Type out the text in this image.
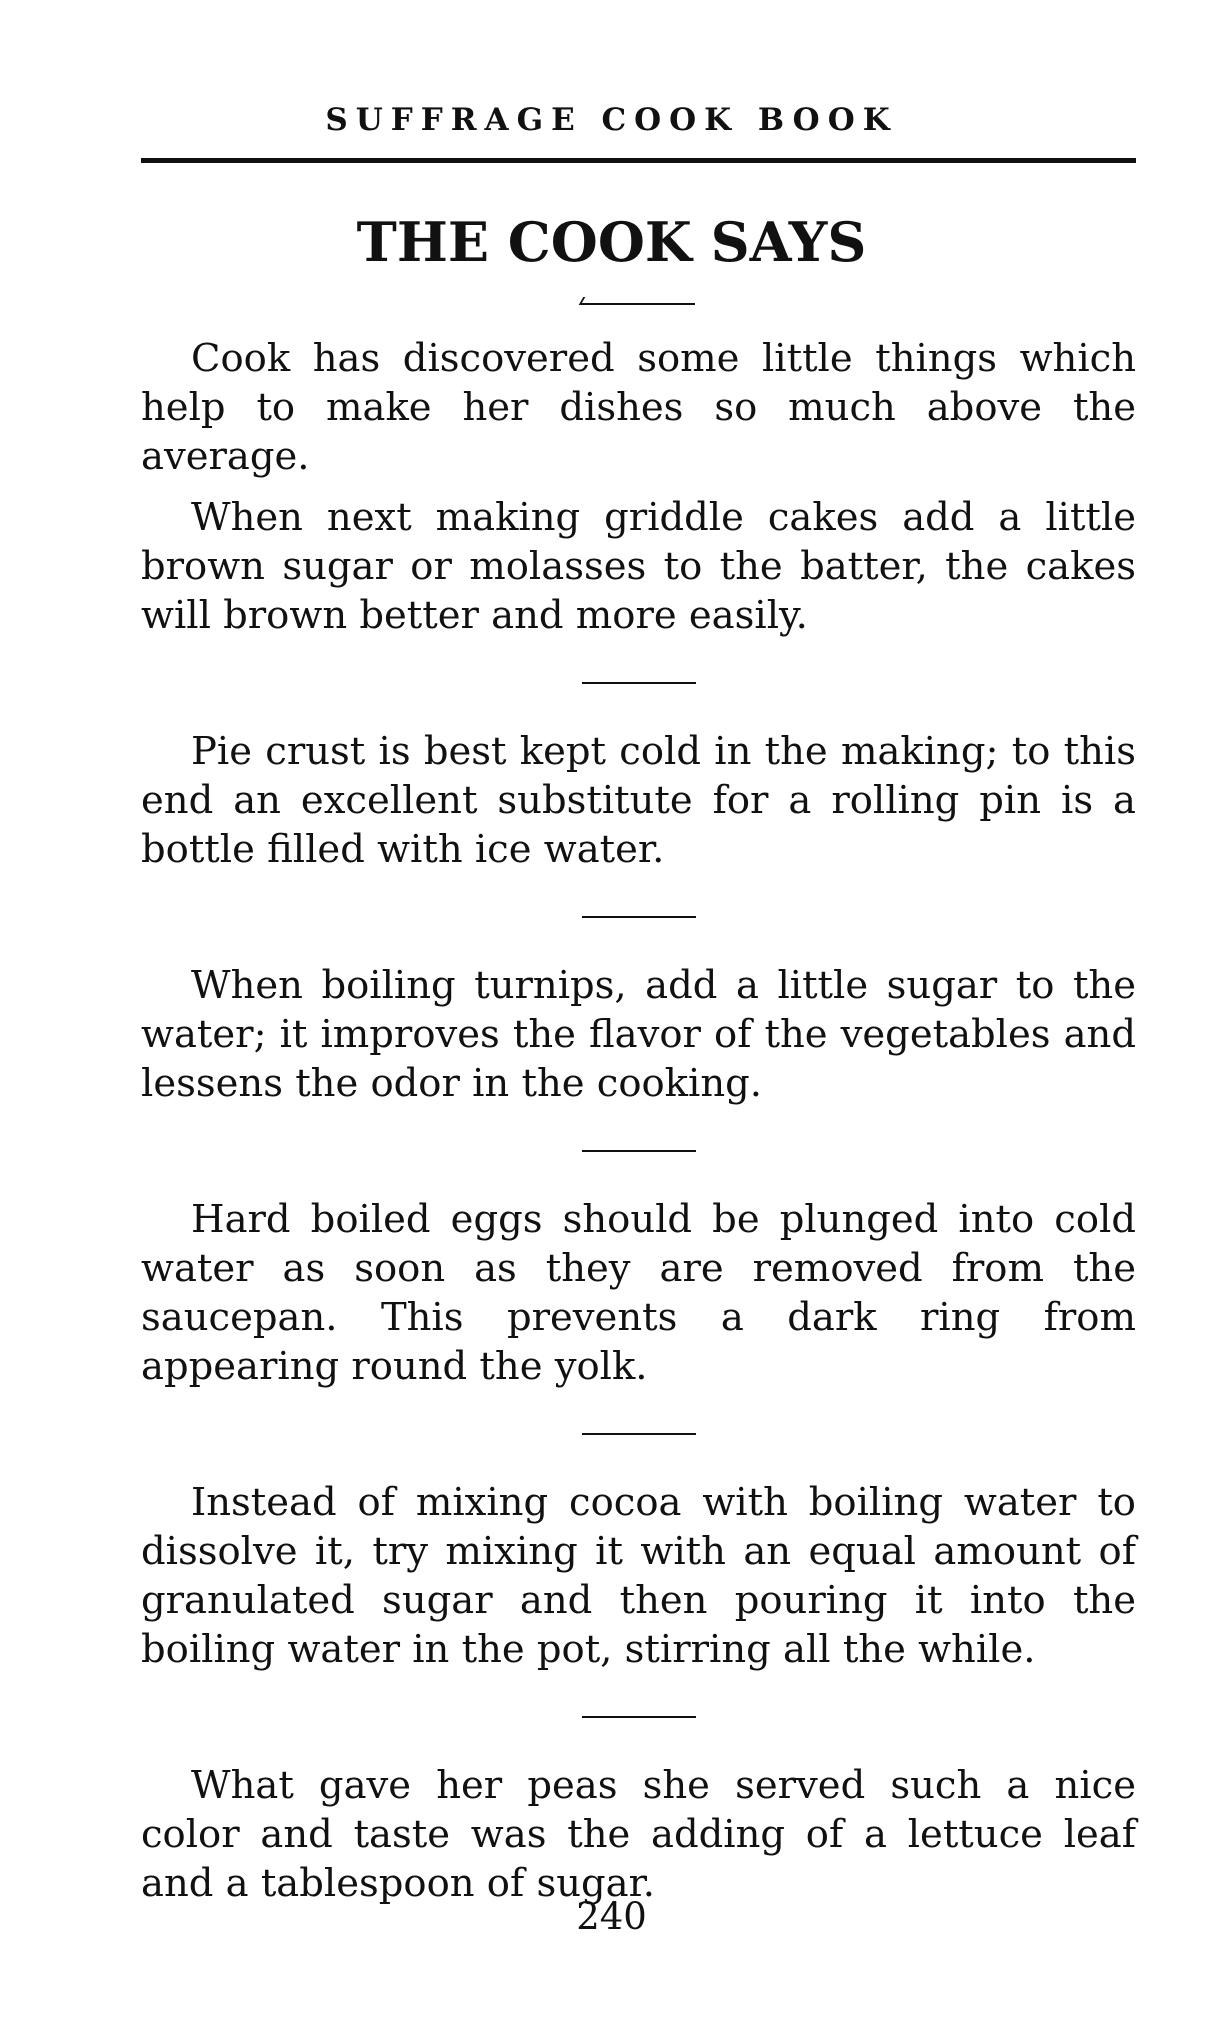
SUFFRAGE COOK BOOK
THE COOK SAYS

Cook has discovered some little things which help to make her dishes so much above the average.

When next making griddle cakes add a little brown sugar or molasses to the batter, the cakes will brown better and more easily.

Pie crust is best kept cold in the making; to this end an excellent substitute for a rolling pin is a bottle filled with ice water.

When boiling turnips, add a little sugar to the water; it improves the flavor of the vegetables and lessens the odor in the cooking.

Hard boiled eggs should be plunged into cold water as soon as they are removed from the saucepan. This prevents a dark ring from appearing round the yolk.

Instead of mixing cocoa with boiling water to dissolve it, try mixing it with an equal amount of granulated sugar and then pouring it into the boiling water in the pot, stirring all the while.

What gave her peas she served such a nice color and taste was the adding of a lettuce leaf and a tablespoon of sugar.

240
